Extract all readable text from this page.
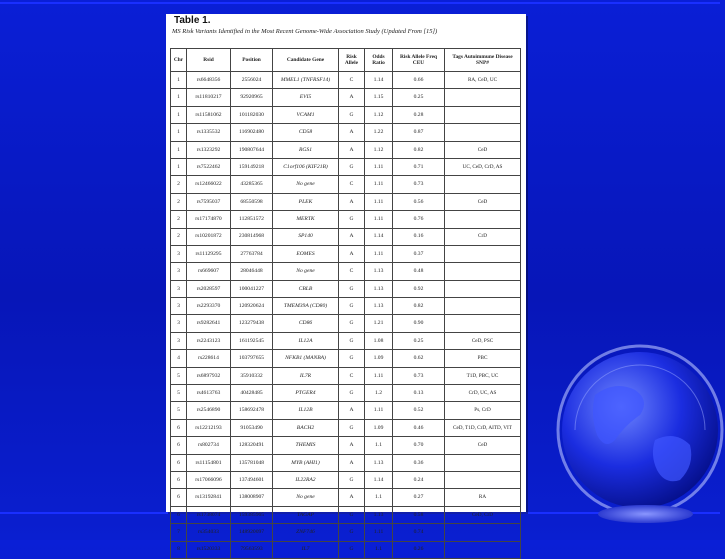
Table 1.
MS Risk Variants Identified in the Most Recent Genome-Wide Association Study (Updated From [15])
Chr	Rsid	Position	Candidate Gene	Risk Allele	Odds Ratio	Risk Allele Freq CEU	Tags Autoimmune Disease SNP#
1	rs6648356	2556024	MMEL1 (TNFRSF14)	C	1.14	0.66	RA, CeD, UC
1	rs11810217	92920965	EVI5	A	1.15	0.25	
1	rs11581062	101182030	VCAM1	G	1.12	0.28	
1	rs1335532	116902480	CD58	A	1.22	0.87	
1	rs1323292	190807644	RGS1	A	1.12	0.82	CeD
1	rs7522462	159149218	C1orf106 (KIF21B)	G	1.11	0.71	UC, CeD, CrD, AS
2	rs12466022	43285365	No gene	C	1.11	0.73	
2	rs7595037	68550598	PLEK	A	1.11	0.56	CeD
2	rs17174870	112851572	MERTK	G	1.11	0.76	
2	rs10201872	230814968	SP140	A	1.14	0.16	CrD
3	rs11129295	27763784	EOMES	A	1.11	0.37	
3	rs669607	28046448	No gene	C	1.13	0.48	
3	rs2028597	100041227	CBLB	G	1.13	0.92	
3	rs2293370	120920624	TMEM39A (CD80)	G	1.13	0.82	
3	rs9282641	123279438	CD86	G	1.21	0.90	
3	rs2243123	161192545	IL12A	G	1.08	0.25	CeD, PSC
4	rs228614	103797655	NFKB1 (MANBA)	G	1.09	0.62	PBC
5	rs6897932	35910332	IL7R	C	1.11	0.73	T1D, PBC, UC
5	rs4613763	40428485	PTGER4	G	1.2	0.13	CrD, UC, AS
5	rs2546890	158692478	IL12B	A	1.11	0.52	Ps, CrD
6	rs12212193	91053490	BACH2	G	1.09	0.46	CeD, T1D, CrD, AITD, VIT
6	rs802734	128320491	THEMIS	A	1.1	0.70	CeD
6	rs11154801	135781048	MYB (AHI1)	A	1.13	0.36	
6	rs17066096	137494601	IL22RA2	G	1.14	0.24	
6	rs13192841	138008907	No gene	A	1.1	0.27	RA
6	rs1738074	159385965	TAGAP	G	1.13	0.58	CeD, CrD
7	rs354033	148920097	ZNF746	G	1.11	0.74	
8	rs1520333	79563593	IL7	G	1.1	0.26	
